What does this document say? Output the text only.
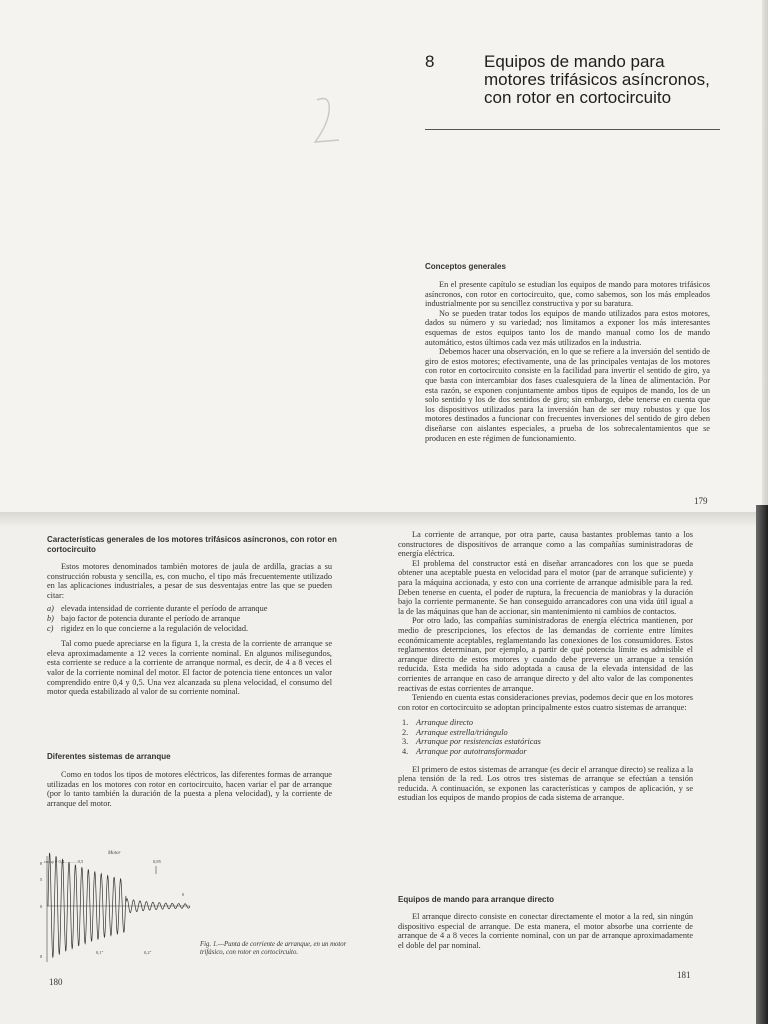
8	Equipos de mando para motores trifásicos asíncronos, con rotor en cortocircuito
Conceptos generales

En el presente capítulo se estudian los equipos de mando para motores trifásicos asíncronos, con rotor en cortocircuito, que, como sabemos, son los más empleados industrialmente por su sencillez constructiva y por su baratura.

No se pueden tratar todos los equipos de mando utilizados para estos motores, dados su número y su variedad; nos limitamos a exponer los más interesantes esquemas de estos equipos tanto los de mando manual como los de mando automático, estos últimos cada vez más utilizados en la industria.

Debemos hacer una observación, en lo que se refiere a la inversión del sentido de giro de estos motores; efectivamente, una de las principales ventajas de los motores con rotor en cortocircuito consiste en la facilidad para invertir el sentido de giro, ya que basta con intercambiar dos fases cualesquiera de la línea de alimentación. Por esta razón, se exponen conjuntamente ambos tipos de equipos de mando, los de un solo sentido y los de dos sentidos de giro; sin embargo, debe tenerse en cuenta que los dispositivos utilizados para la inversión han de ser muy robustos y que los motores destinados a funcionar con frecuentes inversiones del sentido de giro deben diseñarse con aislantes especiales, a prueba de los sobrecalentamientos que se producen en este régimen de funcionamiento.

179
Características generales de los motores trifásicos asíncronos, con rotor en cortocircuito

Estos motores denominados también motores de jaula de ardilla, gracias a su construcción robusta y sencilla, es, con mucho, el tipo más frecuentemente utilizado en las aplicaciones industriales, a pesar de sus desventajas entre las que se pueden citar:

a) elevada intensidad de corriente durante el período de arranque
b) bajo factor de potencia durante el período de arranque
c) rigidez en lo que concierne a la regulación de velocidad.

Tal como puede apreciarse en la figura 1, la cresta de la corriente de arranque se eleva aproximadamente a 12 veces la corriente nominal. En algunos milisegundos, esta corriente se reduce a la corriente de arranque normal, es decir, de 4 a 8 veces el valor de la corriente nominal del motor. El factor de potencia tiene entonces un valor comprendido entre 0,4 y 0,5. Una vez alcanzada su plena velocidad, el consumo del motor queda estabilizado al valor de su corriente nominal.

Diferentes sistemas de arranque

Como en todos los tipos de motores eléctricos, las diferentes formas de arranque utilizadas en los motores con rotor en cortocircuito, hacen variar el par de arranque (por lo tanto también la duración de la puesta a plena velocidad), y la corriente de arranque del motor.

Motor
cos φ = 0,4............0,5	0,85
8
5
0
8
0,1″	0,2″
0
Fig. 1.—Punta de corriente de arranque, en un motor trifásico, con rotor en cortocircuito.
180

La corriente de arranque, por otra parte, causa bastantes problemas tanto a los constructores de dispositivos de arranque como a las compañías suministradoras de energía eléctrica.

El problema del constructor está en diseñar arrancadores con los que se pueda obtener una aceptable puesta en velocidad para el motor (par de arranque suficiente) y para la máquina accionada, y esto con una corriente de arranque admisible para la red. Deben tenerse en cuenta, el poder de ruptura, la frecuencia de maniobras y la duración bajo la corriente permanente. Se han conseguido arrancadores con una vida útil igual a la de las máquinas que han de accionar, sin mantenimiento ni cambios de contactos.

Por otro lado, las compañías suministradoras de energía eléctrica mantienen, por medio de prescripciones, los efectos de las demandas de corriente entre límites económicamente aceptables, reglamentando las conexiones de los consumidores. Estos reglamentos determinan, por ejemplo, a partir de qué potencia límite es admisible el arranque directo de estos motores y cuando debe preverse un arranque a tensión reducida. Esta medida ha sido adoptada a causa de la elevada intensidad de las corrientes de arranque en caso de arranque directo y del alto valor de las componentes reactivas de estas corrientes de arranque.

Teniendo en cuenta estas consideraciones previas, podemos decir que en los motores con rotor en cortocircuito se adoptan principalmente estos cuatro sistemas de arranque:

1. Arranque directo
2. Arranque estrella/triángulo
3. Arranque por resistencias estatóricas
4. Arranque por autotransformador

El primero de estos sistemas de arranque (es decir el arranque directo) se realiza a la plena tensión de la red. Los otros tres sistemas de arranque se efectúan a tensión reducida. A continuación, se exponen las características y campos de aplicación, y se estudian los equipos de mando propios de cada sistema de arranque.

Equipos de mando para arranque directo

El arranque directo consiste en conectar directamente el motor a la red, sin ningún dispositivo especial de arranque. De esta manera, el motor absorbe una corriente de arranque de 4 a 8 veces la corriente nominal, con un par de arranque aproximadamente el doble del par nominal.

181
